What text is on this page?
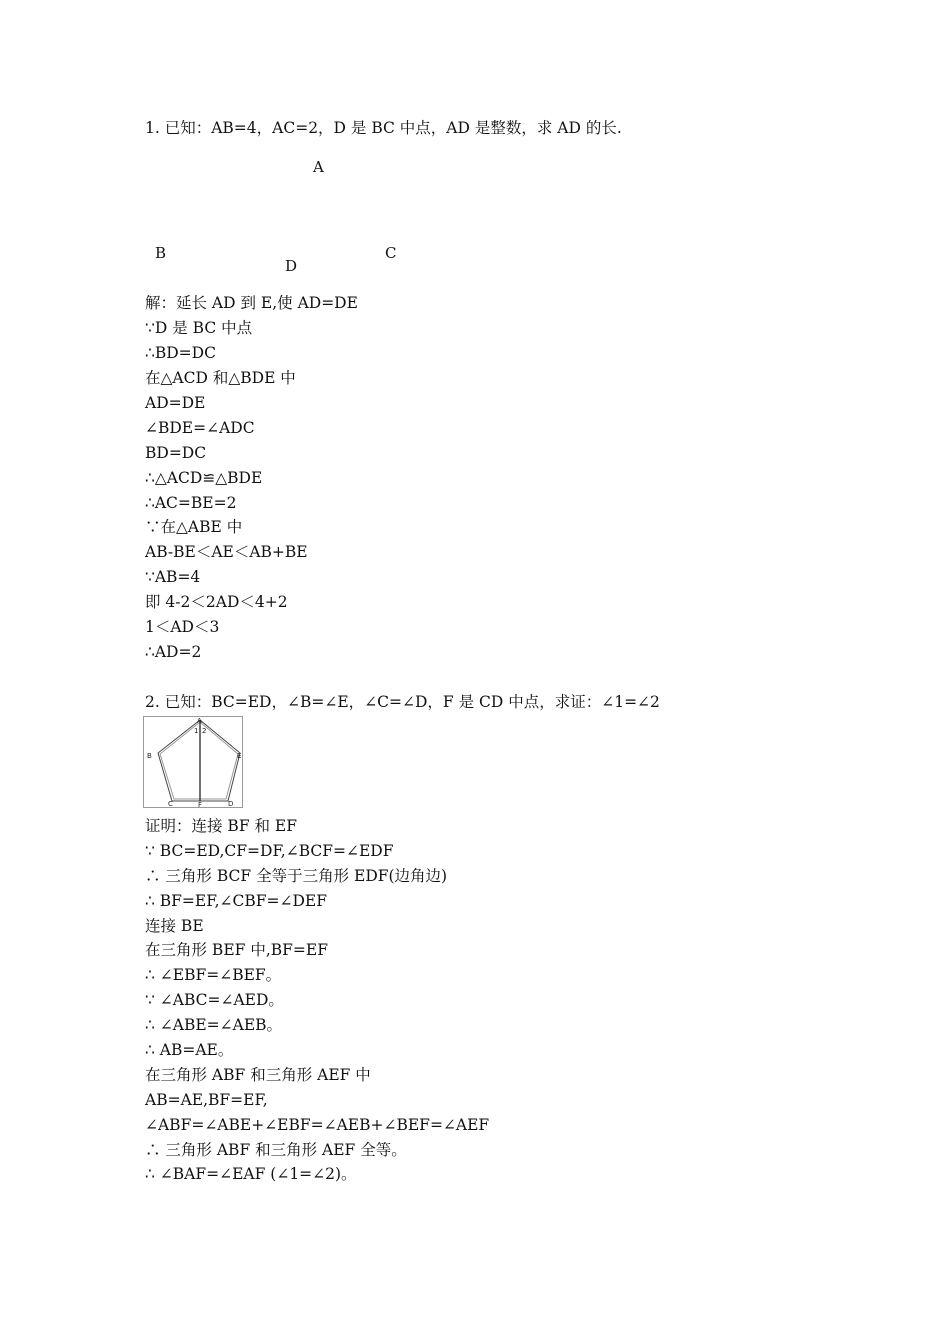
1. 已知：AB=4，AC=2，D 是 BC 中点，AD 是整数，求 AD 的长.
A
B	C
D
解：延长 AD 到 E,使 AD=DE
∵D 是 BC 中点
∴BD=DC
在△ACD 和△BDE 中
AD=DE
∠BDE=∠ADC
BD=DC
∴△ACD≌△BDE
∴AC=BE=2
∵在△ABE 中
AB-BE＜AE＜AB+BE
∵AB=4
即 4-2＜2AD＜4+2
1＜AD＜3
∴AD=2
2. 已知：BC=ED，∠B=∠E，∠C=∠D，F 是 CD 中点，求证：∠1=∠2
A
B	E
1 2
C	F	D
证明：连接 BF 和 EF
∵ BC=ED,CF=DF,∠BCF=∠EDF
∴ 三角形 BCF 全等于三角形 EDF(边角边)
∴ BF=EF,∠CBF=∠DEF
连接 BE
在三角形 BEF 中,BF=EF
∴ ∠EBF=∠BEF。
∵ ∠ABC=∠AED。
∴ ∠ABE=∠AEB。
∴ AB=AE。
在三角形 ABF 和三角形 AEF 中
AB=AE,BF=EF,
∠ABF=∠ABE+∠EBF=∠AEB+∠BEF=∠AEF
∴ 三角形 ABF 和三角形 AEF 全等。
∴ ∠BAF=∠EAF (∠1=∠2)。
